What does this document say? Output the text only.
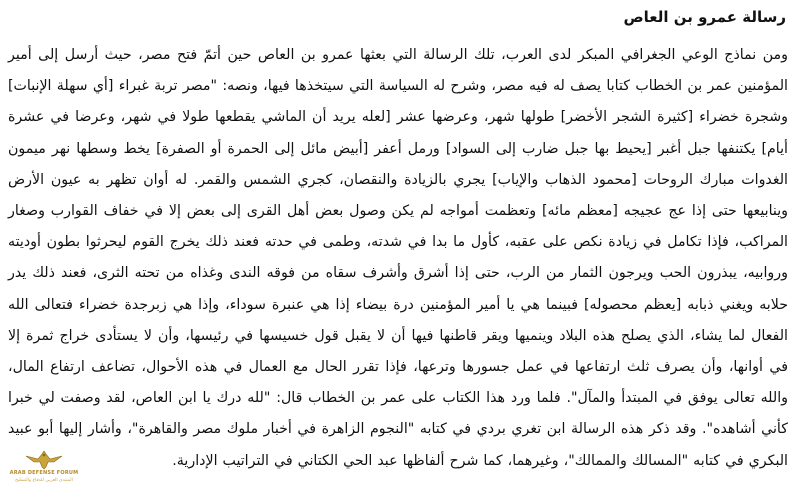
رسالة عمرو بن العاص

ومن نماذج الوعي الجغرافي المبكر لدى العرب، تلك الرسالة التي بعثها عمرو بن العاص حين أتمّ فتح مصر، حيث أرسل إلى أمير المؤمنين عمر بن الخطاب كتابا يصف له فيه مصر، وشرح له السياسة التي سيتخذها فيها، ونصه: "مصر تربة غبراء [أي سهلة الإنبات] وشجرة خضراء [كثيرة الشجر الأخضر] طولها شهر، وعرضها عشر [لعله يريد أن الماشي يقطعها طولا في شهر، وعرضا في عشرة أيام] يكتنفها جبل أغبر [يحيط بها جبل ضارب إلى السواد] ورمل أعفر [أبيض مائل إلى الحمرة أو الصفرة] يخط وسطها نهر ميمون الغدوات مبارك الروحات [محمود الذهاب والإياب] يجري بالزيادة والنقصان، كجري الشمس والقمر. له أوان تظهر به عيون الأرض وينابيعها حتى إذا عج عجيجه [معظم مائه] وتعظمت أمواجه لم يكن وصول بعض أهل القرى إلى بعض إلا في خفاف القوارب وصغار المراكب، فإذا تكامل في زيادة نكص على عقبه، كأول ما بدا في شدته، وطمى في حدته فعند ذلك يخرج القوم ليحرثوا بطون أوديته وروابيه، يبذرون الحب ويرجون الثمار من الرب، حتى إذا أشرق وأشرف سقاه من فوقه الندى وغذاه من تحته الثرى، فعند ذلك يدر حلابه ويغني ذبابه [يعظم محصوله] فبينما هي يا أمير المؤمنين درة بيضاء إذا هي عنبرة سوداء، وإذا هي زبرجدة خضراء فتعالى الله الفعال لما يشاء، الذي يصلح هذه البلاد وينميها ويقر قاطنها فيها أن لا يقبل قول خسيسها في رئيسها، وأن لا يستأدى خراج ثمرة إلا في أوانها، وأن يصرف ثلث ارتفاعها في عمل جسورها وترعها، فإذا تقرر الحال مع العمال في هذه الأحوال، تضاعف ارتفاع المال، والله تعالى يوفق في المبتدأ والمآل". فلما ورد هذا الكتاب على عمر بن الخطاب قال: "لله درك يا ابن العاص، لقد وصفت لي خبرا كأني أشاهده". وقد ذكر هذه الرسالة ابن تغري بردي في كتابه "النجوم الزاهرة في أخبار ملوك مصر والقاهرة"، وأشار إليها أبو عبيد البكري في كتابه "المسالك والممالك"، وغيرهما، كما شرح ألفاظها عبد الحي الكتاني في التراتيب الإدارية.

ARAB DEFENSE FORUM
المنتدى العربي للدفاع والتسليح
